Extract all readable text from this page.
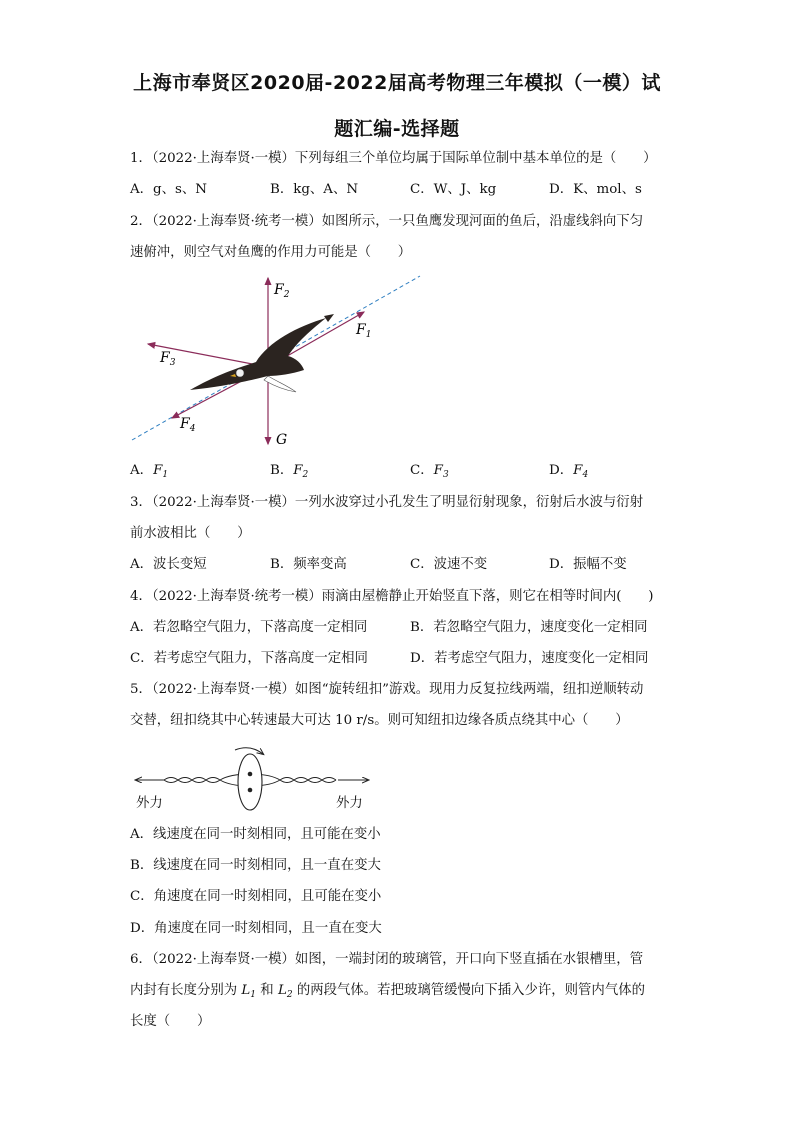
上海市奉贤区2020届-2022届高考物理三年模拟（一模）试
题汇编-选择题
1．（2022·上海奉贤·一模）下列每组三个单位均属于国际单位制中基本单位的是（　　）
A．g、s、N	B．kg、A、N	C．W、J、kg	D．K、mol、s
2．（2022·上海奉贤·统考一模）如图所示，一只鱼鹰发现河面的鱼后，沿虚线斜向下匀
速俯冲，则空气对鱼鹰的作用力可能是（　　）
$F_1$
$F_2$
$F_3$
$F_4$
G
A．$F_1$	B．$F_2$	C．$F_3$	D．$F_4$
3．（2022·上海奉贤·一模）一列水波穿过小孔发生了明显衍射现象，衍射后水波与衍射
前水波相比（　　）
A．波长变短	B．频率变高	C．波速不变	D．振幅不变
4．（2022·上海奉贤·统考一模）雨滴由屋檐静止开始竖直下落，则它在相等时间内(　　)
A．若忽略空气阻力，下落高度一定相同	B．若忽略空气阻力，速度变化一定相同
C．若考虑空气阻力，下落高度一定相同	D．若考虑空气阻力，速度变化一定相同
5．（2022·上海奉贤·一模）如图“旋转纽扣”游戏。现用力反复拉线两端，纽扣逆顺转动
交替，纽扣绕其中心转速最大可达 10 r/s。则可知纽扣边缘各质点绕其中心（　　）
外力	外力
A．线速度在同一时刻相同，且可能在变小
B．线速度在同一时刻相同，且一直在变大
C．角速度在同一时刻相同，且可能在变小
D．角速度在同一时刻相同，且一直在变大
6．（2022·上海奉贤·一模）如图，一端封闭的玻璃管，开口向下竖直插在水银槽里，管
内封有长度分别为 $L_1$ 和 $L_2$ 的两段气体。若把玻璃管缓慢向下插入少许，则管内气体的
长度（　　）
